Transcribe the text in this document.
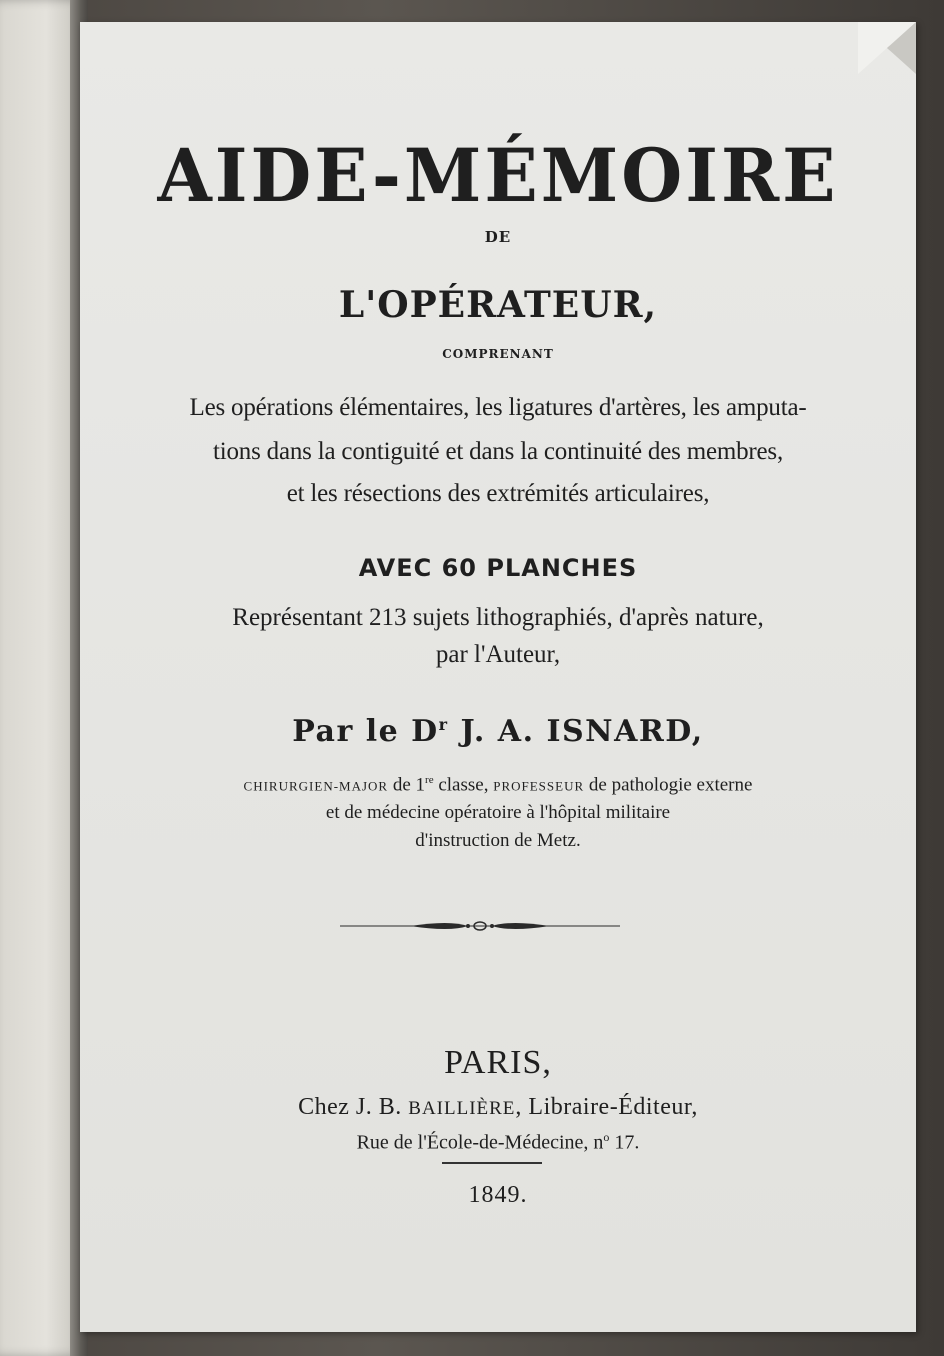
AIDE-MÉMOIRE
DE
L'OPÉRATEUR,
COMPRENANT
Les opérations élémentaires, les ligatures d'artères, les amputa-
tions dans la contiguité et dans la continuité des membres,
et les résections des extrémités articulaires,
AVEC 60 PLANCHES
Représentant 213 sujets lithographiés, d'après nature,
par l'Auteur,
Par le $D^r$ J. A. ISNARD,
CHIRURGIEN-MAJOR de 1re classe, PROFESSEUR de pathologie externe
et de médecine opératoire à l'hôpital militaire
d'instruction de Metz.
PARIS,
Chez J. B. BAILLIÈRE, Libraire-Éditeur,
Rue de l'École-de-Médecine, $n^o$ 17.
1849.
